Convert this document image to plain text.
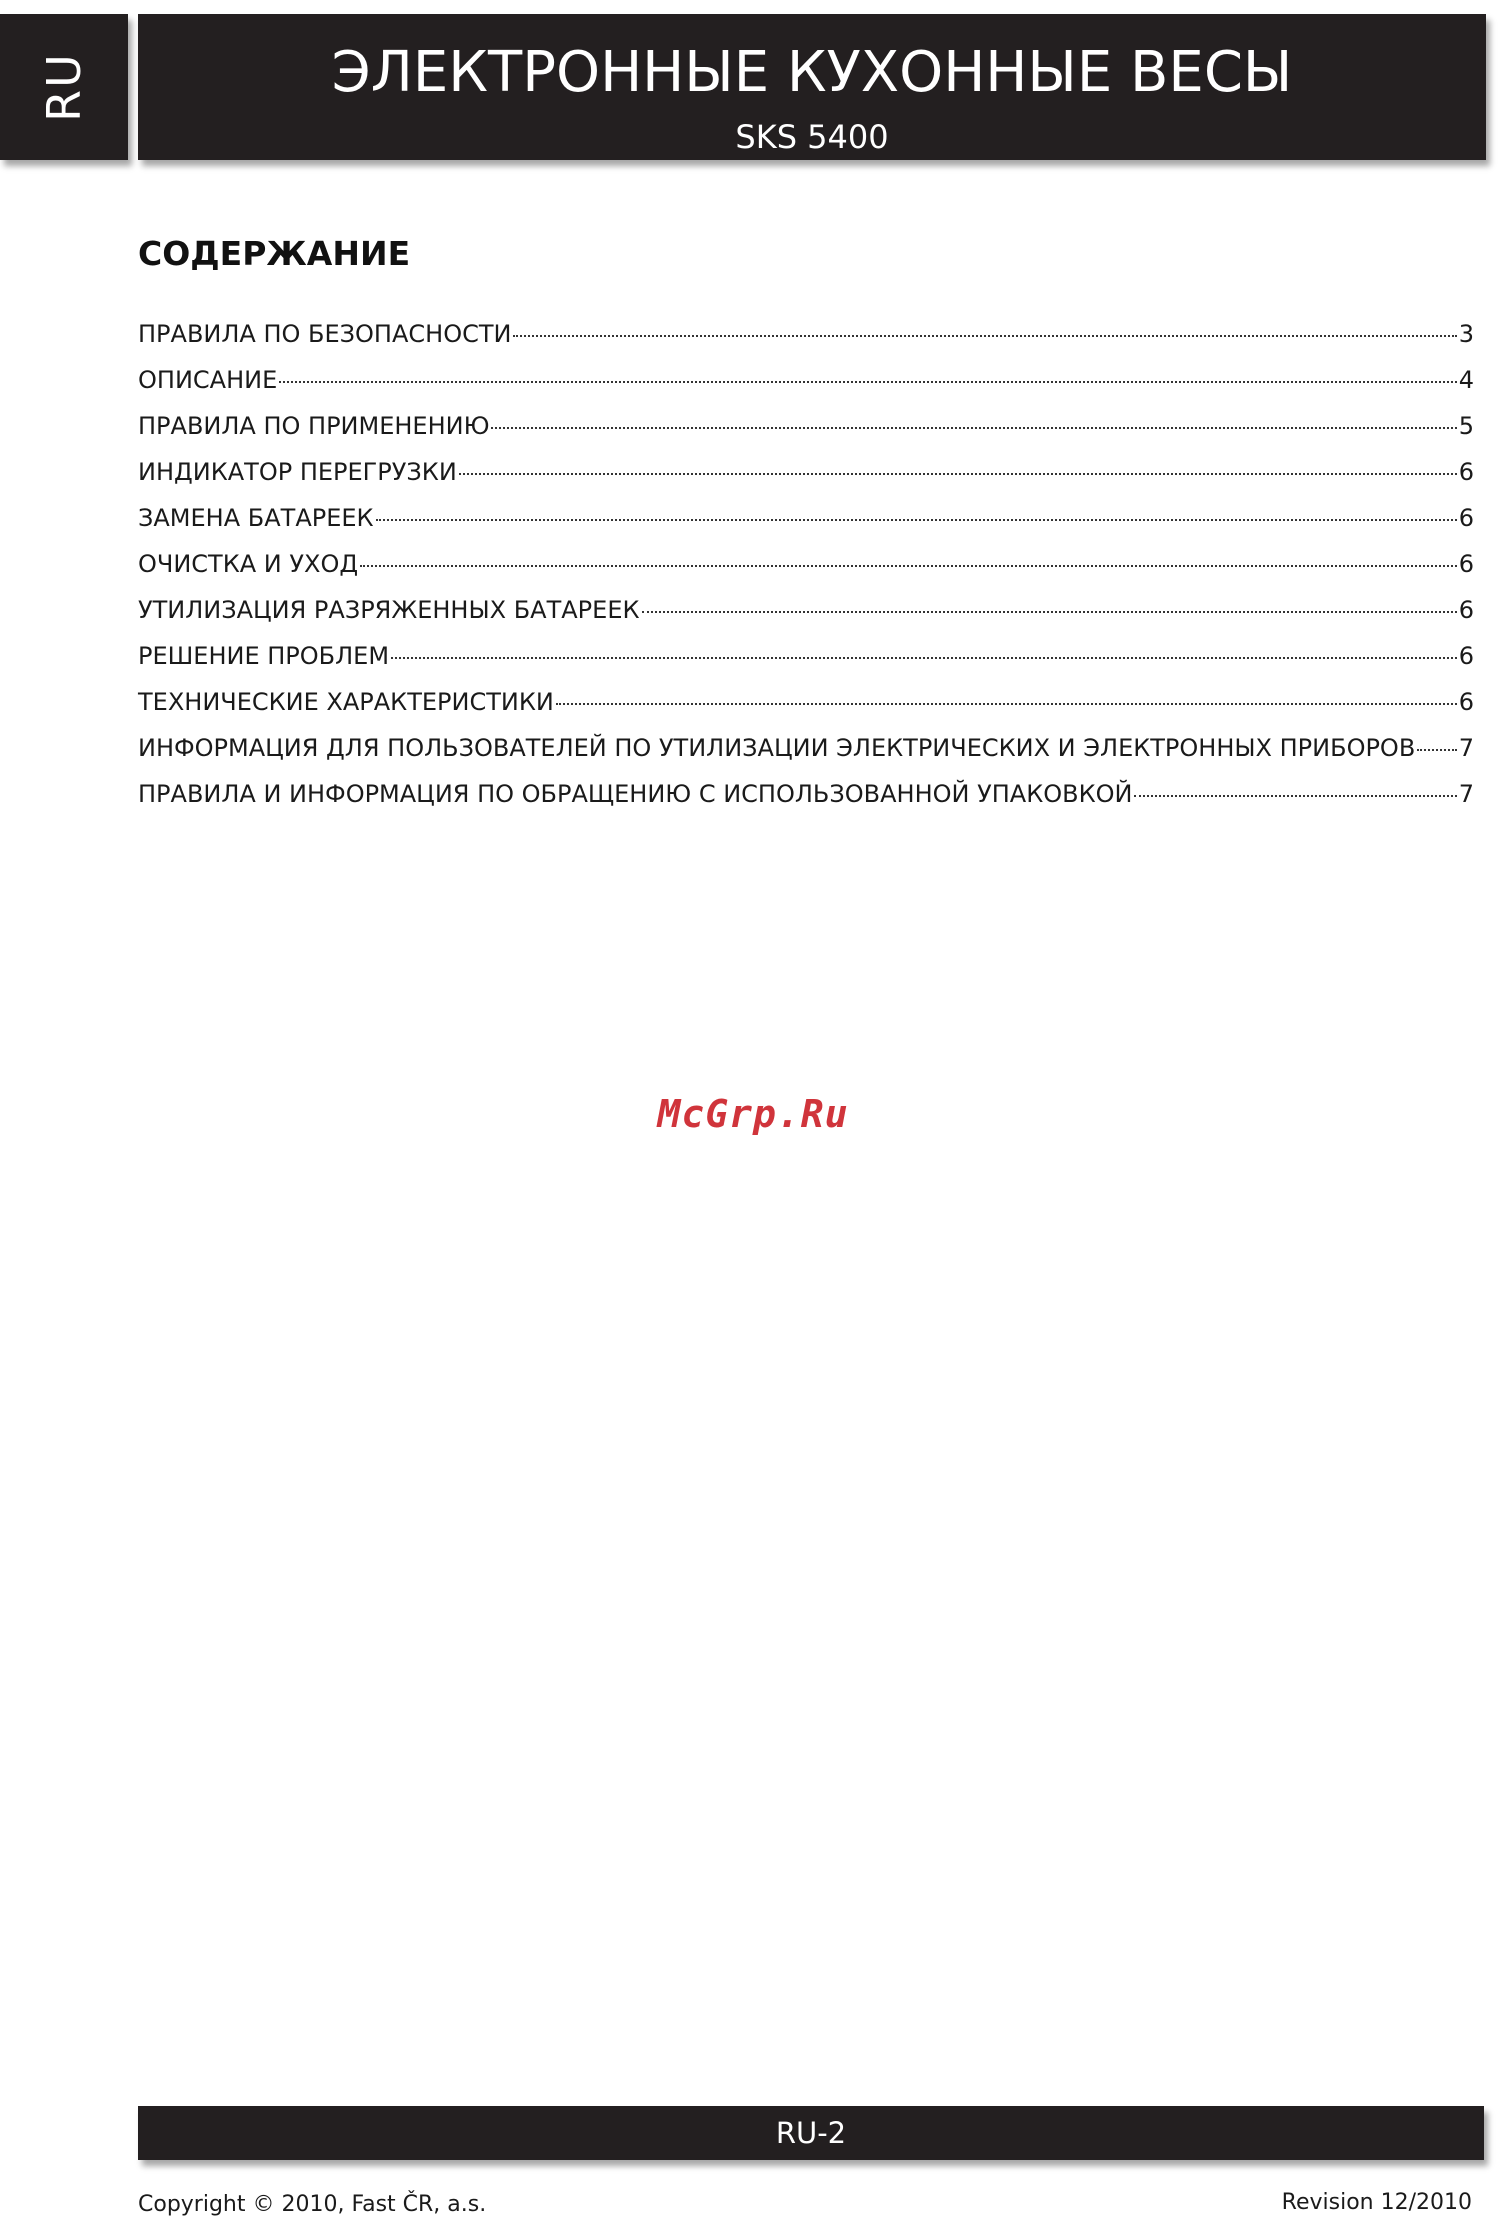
RU	ЭЛЕКТРОННЫЕ КУХОННЫЕ ВЕСЫ
SKS 5400
СОДЕРЖАНИЕ
ПРАВИЛА ПО БЕЗОПАСНОСТИ	3
ОПИСАНИЕ	4
ПРАВИЛА ПО ПРИМЕНЕНИЮ	5
ИНДИКАТОР ПЕРЕГРУЗКИ	6
ЗАМЕНА БАТАРЕЕК	6
ОЧИСТКА И УХОД	6
УТИЛИЗАЦИЯ РАЗРЯЖЕННЫХ БАТАРЕЕК	6
РЕШЕНИЕ ПРОБЛЕМ	6
ТЕХНИЧЕСКИЕ ХАРАКТЕРИСТИКИ	6
ИНФОРМАЦИЯ ДЛЯ ПОЛЬЗОВАТЕЛЕЙ ПО УТИЛИЗАЦИИ ЭЛЕКТРИЧЕСКИХ И ЭЛЕКТРОННЫХ ПРИБОРОВ 7
ПРАВИЛА И ИНФОРМАЦИЯ ПО ОБРАЩЕНИЮ С ИСПОЛЬЗОВАННОЙ УПАКОВКОЙ	7
McGrp.Ru
RU-2
Copyright © 2010, Fast ČR, a.s.	Revision 12/2010
